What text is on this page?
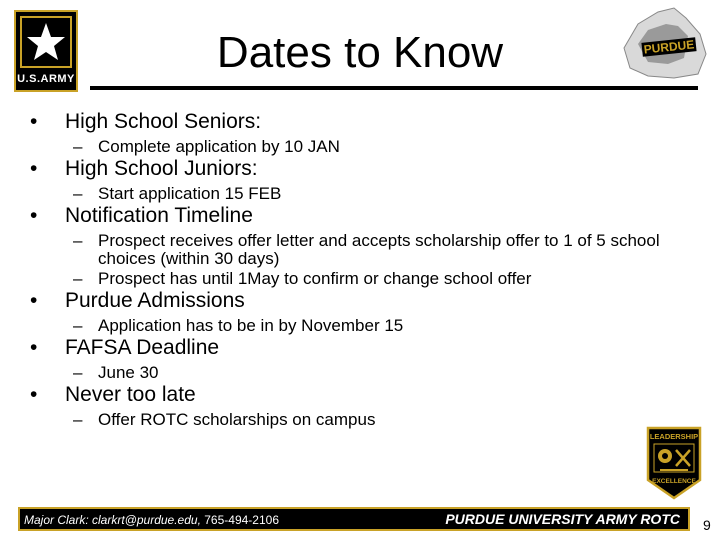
U.S.ARMY
PURDUE
Dates to Know
• High School Seniors:
– Complete application by 10 JAN
• High School Juniors:
– Start application 15 FEB
• Notification Timeline
– Prospect receives offer letter and accepts scholarship offer to 1 of 5 school choices (within 30 days)
– Prospect has until 1May to confirm or change school offer
• Purdue Admissions
– Application has to be in by November 15
• FAFSA Deadline
– June 30
• Never too late
– Offer ROTC scholarships on campus
LEADERSHIP
EXCELLENCE
Major Clark: clarkrt@purdue.edu, 765-494-2106	PURDUE UNIVERSITY ARMY ROTC 9
